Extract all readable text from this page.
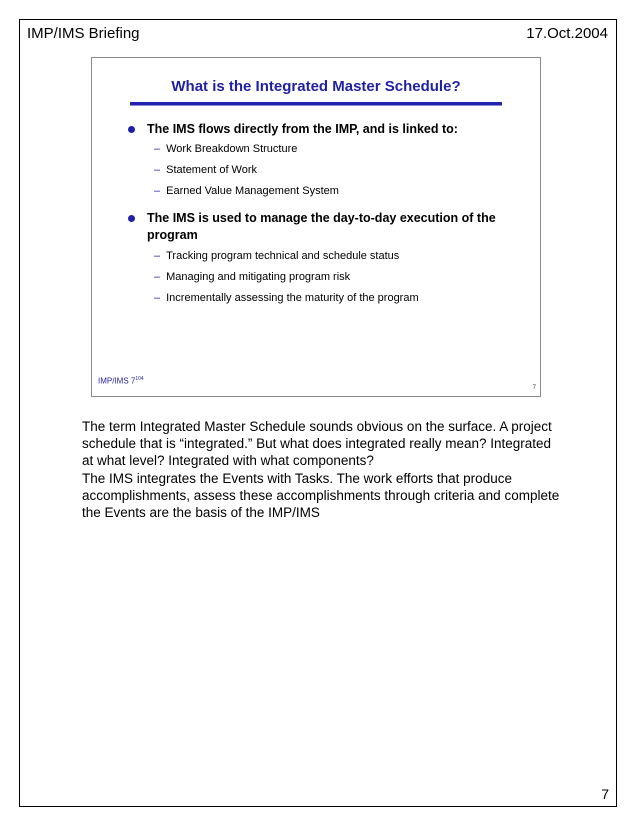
IMP/IMS Briefing	17.Oct.2004
What is the Integrated Master Schedule?
The IMS flows directly from the IMP, and is linked to:
– Work Breakdown Structure
– Statement of Work
– Earned Value Management System
The IMS is used to manage the day-to-day execution of the program
– Tracking program technical and schedule status
– Managing and mitigating program risk
– Incrementally assessing the maturity of the program
IMP/IMS $7^{104}$
7
The term Integrated Master Schedule sounds obvious on the surface. A project schedule that is “integrated.” But what does integrated really mean? Integrated at what level? Integrated with what components?
The IMS integrates the Events with Tasks. The work efforts that produce accomplishments, assess these accomplishments through criteria and complete the Events are the basis of the IMP/IMS
7
